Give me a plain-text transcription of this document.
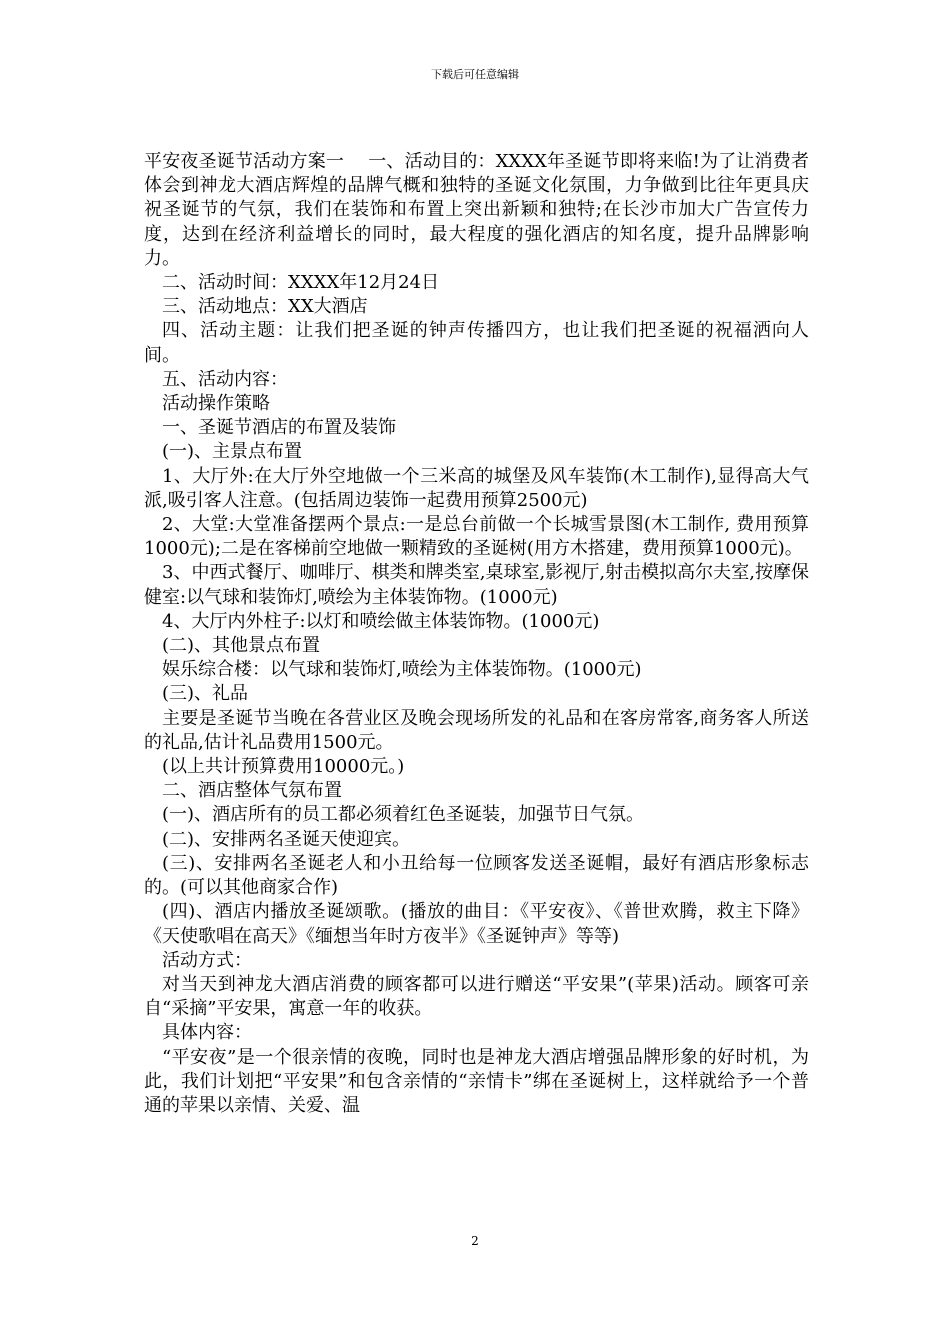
下载后可任意编辑

平安夜圣诞节活动方案一　 一、活动目的：XXXX年圣诞节即将来临!为了让消费者体会到神龙大酒店辉煌的品牌气概和独特的圣诞文化氛围，力争做到比往年更具庆祝圣诞节的气氛，我们在装饰和布置上突出新颖和独特;在长沙市加大广告宣传力度，达到在经济利益增长的同时，最大程度的强化酒店的知名度，提升品牌影响力。

二、活动时间：XXXX年12月24日

三、活动地点：XX大酒店

四、活动主题：让我们把圣诞的钟声传播四方，也让我们把圣诞的祝福洒向人间。

五、活动内容：

活动操作策略

一、圣诞节酒店的布置及装饰

(一)、主景点布置

1、大厅外:在大厅外空地做一个三米高的城堡及风车装饰(木工制作),显得高大气派,吸引客人注意。(包括周边装饰一起费用预算2500元)

2、大堂:大堂准备摆两个景点:一是总台前做一个长城雪景图(木工制作, 费用预算1000元);二是在客梯前空地做一颗精致的圣诞树(用方木搭建，费用预算1000元)。

3、中西式餐厅、咖啡厅、棋类和牌类室,桌球室,影视厅,射击模拟高尔夫室,按摩保健室:以气球和装饰灯,喷绘为主体装饰物。(1000元)

4、大厅内外柱子:以灯和喷绘做主体装饰物。(1000元)

(二)、其他景点布置

娱乐综合楼：以气球和装饰灯,喷绘为主体装饰物。(1000元)

(三)、礼品

主要是圣诞节当晚在各营业区及晚会现场所发的礼品和在客房常客,商务客人所送的礼品,估计礼品费用1500元。

(以上共计预算费用10000元。)

二、酒店整体气氛布置

(一)、酒店所有的员工都必须着红色圣诞装，加强节日气氛。

(二)、安排两名圣诞天使迎宾。

(三)、安排两名圣诞老人和小丑给每一位顾客发送圣诞帽，最好有酒店形象标志的。(可以其他商家合作)

(四)、酒店内播放圣诞颂歌。(播放的曲目：《平安夜》、《普世欢腾，救主下降》《天使歌唱在高天》《缅想当年时方夜半》《圣诞钟声》等等)

活动方式：

对当天到神龙大酒店消费的顾客都可以进行赠送“平安果”(苹果)活动。顾客可亲自“采摘”平安果，寓意一年的收获。

具体内容：

“平安夜”是一个很亲情的夜晚，同时也是神龙大酒店增强品牌形象的好时机，为此，我们计划把“平安果”和包含亲情的“亲情卡”绑在圣诞树上，这样就给予一个普通的苹果以亲情、关爱、温

2
